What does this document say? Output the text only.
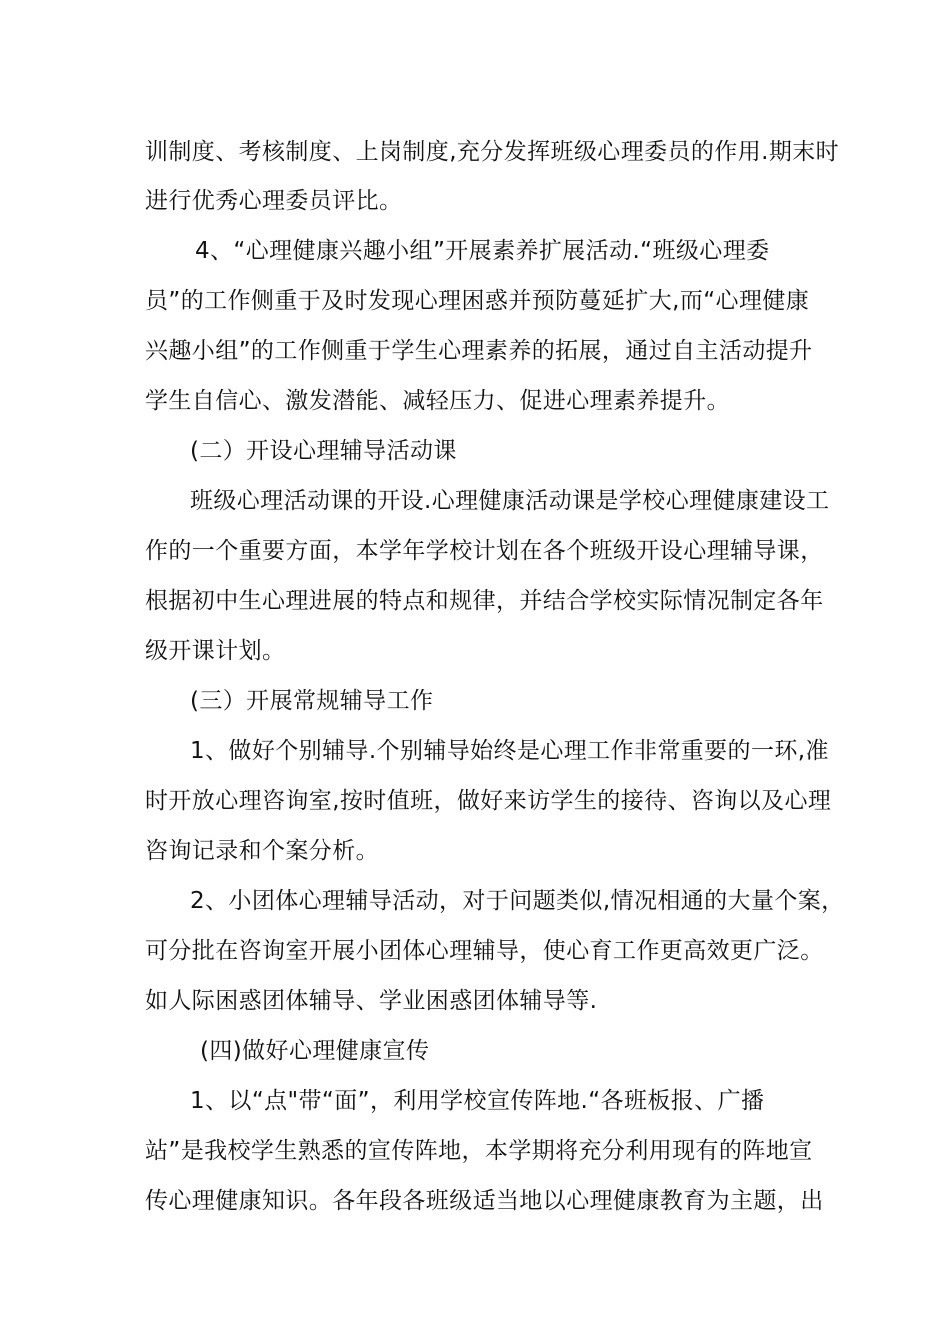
训制度、考核制度、上岗制度,充分发挥班级心理委员的作用.期末时
进行优秀心理委员评比。
4、“心理健康兴趣小组”开展素养扩展活动.“班级心理委
员”的工作侧重于及时发现心理困惑并预防蔓延扩大,而“心理健康
兴趣小组”的工作侧重于学生心理素养的拓展，通过自主活动提升
学生自信心、激发潜能、减轻压力、促进心理素养提升。
(二）开设心理辅导活动课
班级心理活动课的开设.心理健康活动课是学校心理健康建设工
作的一个重要方面，本学年学校计划在各个班级开设心理辅导课，
根据初中生心理进展的特点和规律，并结合学校实际情况制定各年
级开课计划。
(三）开展常规辅导工作
1、做好个别辅导.个别辅导始终是心理工作非常重要的一环,准
时开放心理咨询室,按时值班，做好来访学生的接待、咨询以及心理
咨询记录和个案分析。
2、小团体心理辅导活动，对于问题类似,情况相通的大量个案，
可分批在咨询室开展小团体心理辅导，使心育工作更高效更广泛。
如人际困惑团体辅导、学业困惑团体辅导等.
(四)做好心理健康宣传
1、以“点"带“面”，利用学校宣传阵地.“各班板报、广播
站”是我校学生熟悉的宣传阵地，本学期将充分利用现有的阵地宣
传心理健康知识。各年段各班级适当地以心理健康教育为主题，出
